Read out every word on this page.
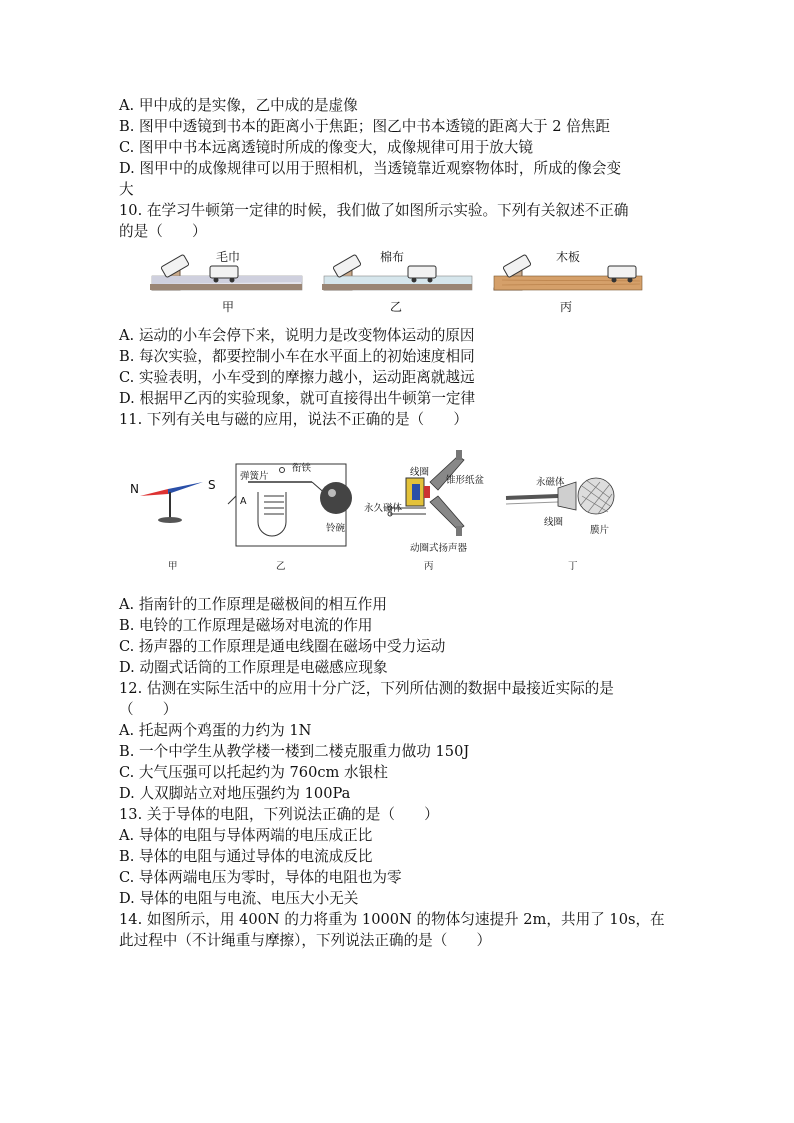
A. 甲中成的是实像，乙中成的是虚像
B. 图甲中透镜到书本的距离小于焦距；图乙中书本透镜的距离大于 2 倍焦距
C. 图甲中书本远离透镜时所成的像变大，成像规律可用于放大镜
D. 图甲中的成像规律可以用于照相机，当透镜靠近观察物体时，所成的像会变
大
10. 在学习牛顿第一定律的时候，我们做了如图所示实验。下列有关叙述不正确
的是（　　）
毛巾	棉布	木板
甲	乙	丙
A. 运动的小车会停下来，说明力是改变物体运动的原因
B. 每次实验，都要控制小车在水平面上的初始速度相同
C. 实验表明，小车受到的摩擦力越小，运动距离就越远
D. 根据甲乙丙的实验现象，就可直接得出牛顿第一定律
11. 下列有关电与磁的应用，说法不正确的是（　　）
N	S
弹簧片
衔铁
A
铃碗
线圈
锥形纸盆
永久磁体
动圈式扬声器
永磁体
线圈
膜片
甲	乙	丙	丁
A. 指南针的工作原理是磁极间的相互作用
B. 电铃的工作原理是磁场对电流的作用
C. 扬声器的工作原理是通电线圈在磁场中受力运动
D. 动圈式话筒的工作原理是电磁感应现象
12. 估测在实际生活中的应用十分广泛，下列所估测的数据中最接近实际的是
（　　）
A. 托起两个鸡蛋的力约为 1N
B. 一个中学生从教学楼一楼到二楼克服重力做功 150J
C. 大气压强可以托起约为 760cm 水银柱
D. 人双脚站立对地压强约为 100Pa
13. 关于导体的电阻，下列说法正确的是（　　）
A. 导体的电阻与导体两端的电压成正比
B. 导体的电阻与通过导体的电流成反比
C. 导体两端电压为零时，导体的电阻也为零
D. 导体的电阻与电流、电压大小无关
14. 如图所示，用 400N 的力将重为 1000N 的物体匀速提升 2m，共用了 10s，在
此过程中（不计绳重与摩擦），下列说法正确的是（　　）
